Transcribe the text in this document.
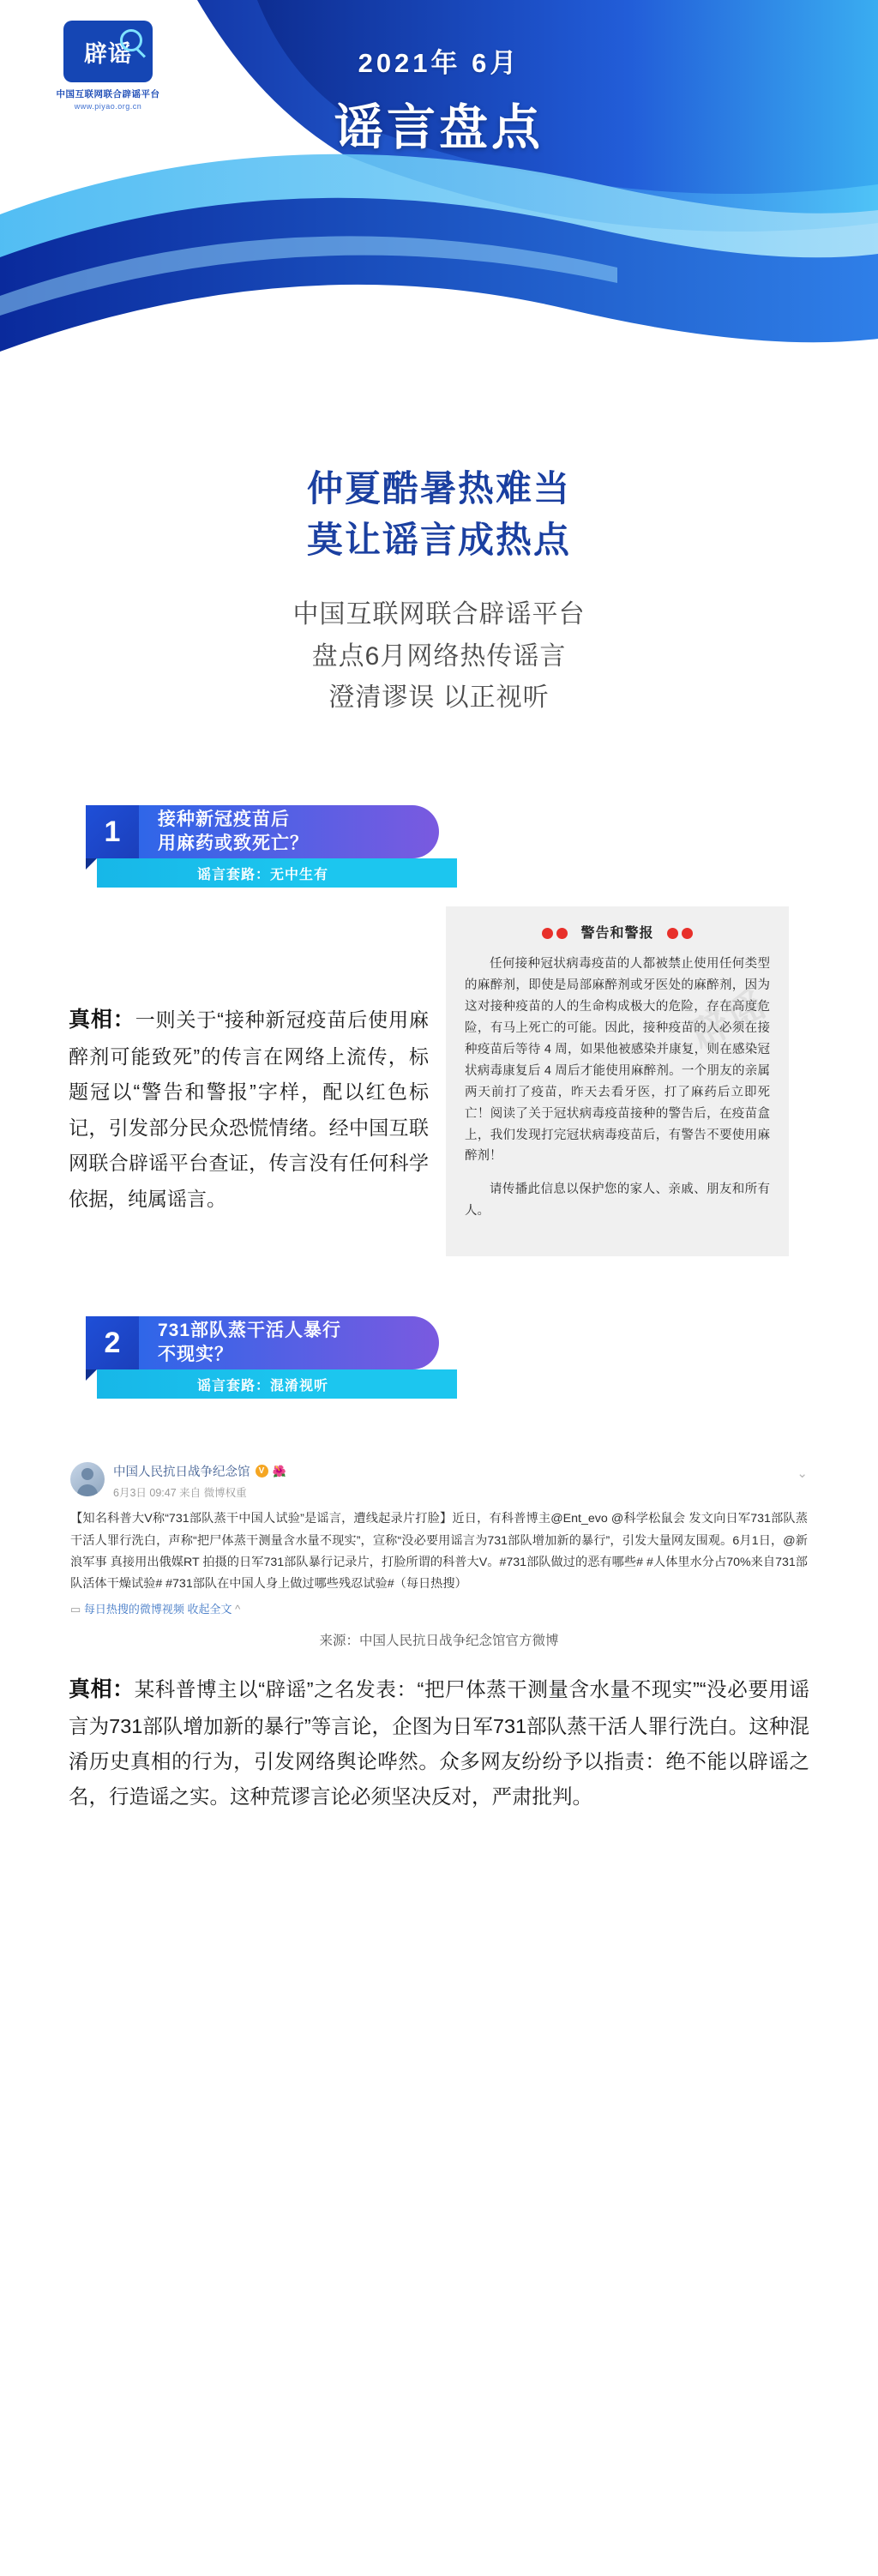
辟谣
中国互联网联合辟谣平台
www.piyao.org.cn
2021年 6月
谣言盘点
仲夏酷暑热难当
莫让谣言成热点
中国互联网联合辟谣平台
盘点6月网络热传谣言
澄清谬误 以正视听
1	接种新冠疫苗后
用麻药或致死亡？
谣言套路：无中生有
真相：一则关于“接种新冠疫苗后使用麻醉剂可能致死”的传言在网络上流传，标题冠以“警告和警报”字样，配以红色标记，引发部分民众恐慌情绪。经中国互联网联合辟谣平台查证，传言没有任何科学依据，纯属谣言。
警告和警报

任何接种冠状病毒疫苗的人都被禁止使用任何类型的麻醉剂，即使是局部麻醉剂或牙医处的麻醉剂，因为这对接种疫苗的人的生命构成极大的危险，存在高度危险，有马上死亡的可能。因此，接种疫苗的人必须在接种疫苗后等待 4 周，如果他被感染并康复，则在感染冠状病毒康复后 4 周后才能使用麻醉剂。一个朋友的亲属两天前打了疫苗，昨天去看牙医，打了麻药后立即死亡！阅读了关于冠状病毒疫苗接种的警告后，在疫苗盒上，我们发现打完冠状病毒疫苗后，有警告不要使用麻醉剂！

请传播此信息以保护您的家人、亲戚、朋友和所有人。

辟谣
2	731部队蒸干活人暴行
不现实？
谣言套路：混淆视听
中国人民抗日战争纪念馆	V 🌺
6月3日 09:47 来自 微博权重
⌄
【知名科普大V称“731部队蒸干中国人试验”是谣言，遭线起录片打脸】近日，有科普博主@Ent_evo @科学松鼠会 发文向日军731部队蒸干活人罪行洗白，声称“把尸体蒸干测量含水量不现实”，宣称“没必要用谣言为731部队增加新的暴行”，引发大量网友围观。6月1日，@新浪军事 真接用出俄媒RT 拍摄的日军731部队暴行记录片，打脸所谓的科普大V。#731部队做过的恶有哪些# #人体里水分占70%来自731部队活体干燥试验# #731部队在中国人身上做过哪些残忍试验#（每日热搜）
▭ 每日热搜的微博视频 收起全文 ^
来源：中国人民抗日战争纪念馆官方微博
真相：某科普博主以“辟谣”之名发表：“把尸体蒸干测量含水量不现实”“没必要用谣言为731部队增加新的暴行”等言论，企图为日军731部队蒸干活人罪行洗白。这种混淆历史真相的行为，引发网络舆论哗然。众多网友纷纷予以指责：绝不能以辟谣之名，行造谣之实。这种荒谬言论必须坚决反对，严肃批判。
